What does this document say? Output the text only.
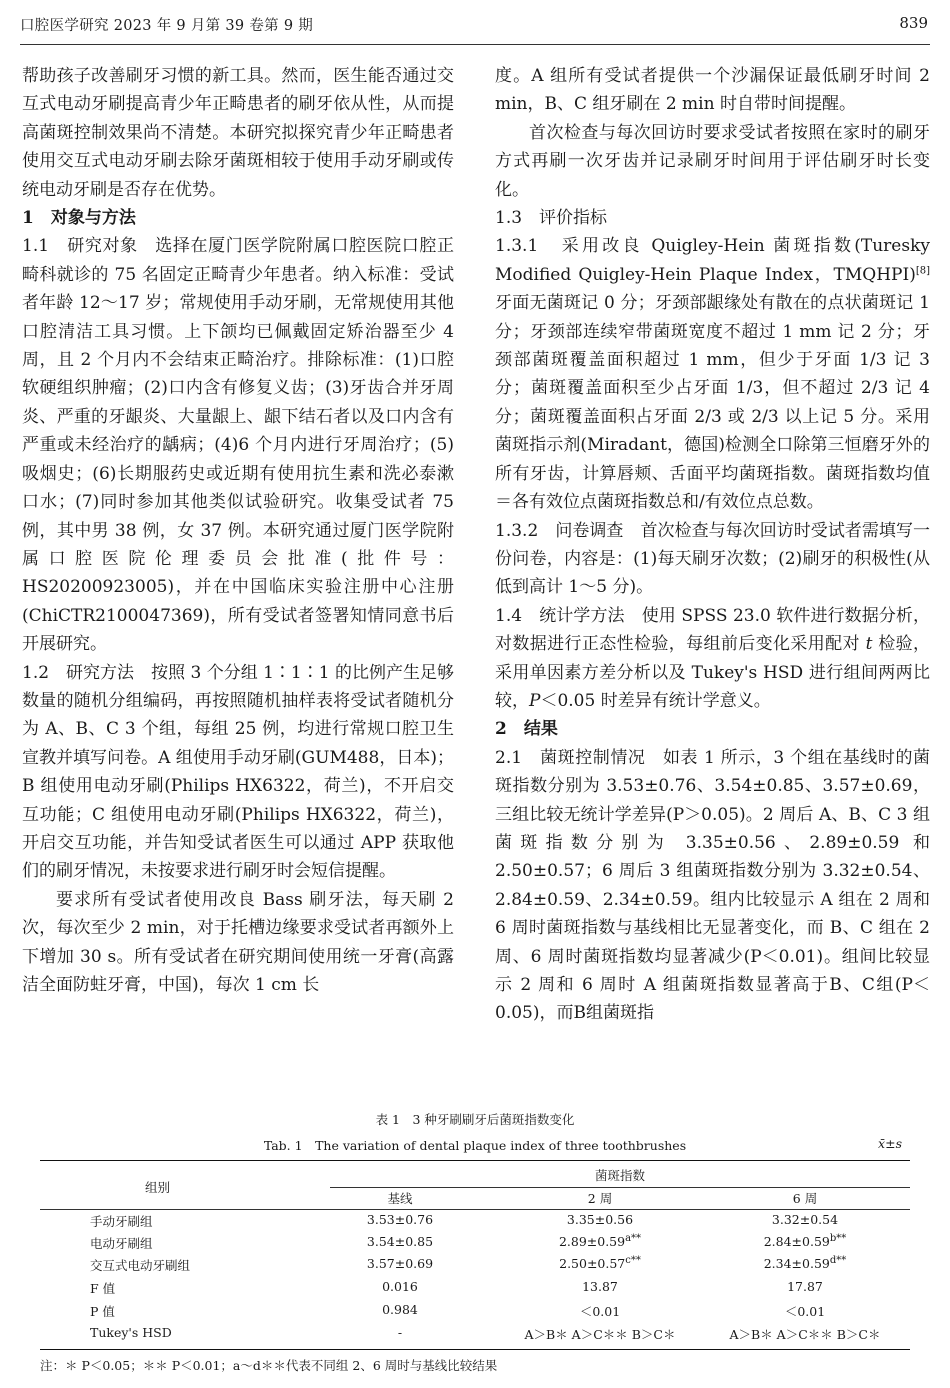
口腔医学研究 2023 年 9 月第 39 卷第 9 期	839

帮助孩子改善刷牙习惯的新工具。然而，医生能否通过交互式电动牙刷提高青少年正畸患者的刷牙依从性，从而提高菌斑控制效果尚不清楚。本研究拟探究青少年正畸患者使用交互式电动牙刷去除牙菌斑相较于使用手动牙刷或传统电动牙刷是否存在优势。

1　对象与方法

1.1　研究对象　选择在厦门医学院附属口腔医院口腔正畸科就诊的 75 名固定正畸青少年患者。纳入标准：受试者年龄 12～17 岁；常规使用手动牙刷，无常规使用其他口腔清洁工具习惯。上下颌均已佩戴固定矫治器至少 4 周，且 2 个月内不会结束正畸治疗。排除标准：(1)口腔软硬组织肿瘤；(2)口内含有修复义齿；(3)牙齿合并牙周炎、严重的牙龈炎、大量龈上、龈下结石者以及口内含有严重或未经治疗的龋病；(4)6 个月内进行牙周治疗；(5)吸烟史；(6)长期服药史或近期有使用抗生素和洗必泰漱口水；(7)同时参加其他类似试验研究。收集受试者 75 例，其中男 38 例，女 37 例。本研究通过厦门医学院附属口腔医院伦理委员会批准(批件号：HS20200923005)，并在中国临床实验注册中心注册(ChiCTR2100047369)，所有受试者签署知情同意书后开展研究。

1.2　研究方法　按照 3 个分组 1∶1∶1 的比例产生足够数量的随机分组编码，再按照随机抽样表将受试者随机分为 A、B、C 3 个组，每组 25 例，均进行常规口腔卫生宣教并填写问卷。A 组使用手动牙刷(GUM488，日本)；B 组使用电动牙刷(Philips HX6322，荷兰)，不开启交互功能；C 组使用电动牙刷(Philips HX6322，荷兰)，开启交互功能，并告知受试者医生可以通过 APP 获取他们的刷牙情况，未按要求进行刷牙时会短信提醒。

要求所有受试者使用改良 Bass 刷牙法，每天刷 2 次，每次至少 2 min，对于托槽边缘要求受试者再额外上下增加 30 s。所有受试者在研究期间使用统一牙膏(高露洁全面防蛀牙膏，中国)，每次 1 cm 长

度。A 组所有受试者提供一个沙漏保证最低刷牙时间 2 min，B、C 组牙刷在 2 min 时自带时间提醒。

首次检查与每次回访时要求受试者按照在家时的刷牙方式再刷一次牙齿并记录刷牙时间用于评估刷牙时长变化。

1.3　评价指标

1.3.1　采用改良 Quigley-Hein 菌斑指数(Turesky Modified Quigley-Hein Plaque Index，TMQHPI)[8]牙面无菌斑记 0 分；牙颈部龈缘处有散在的点状菌斑记 1 分；牙颈部连续窄带菌斑宽度不超过 1 mm 记 2 分；牙颈部菌斑覆盖面积超过 1 mm，但少于牙面 1/3 记 3 分；菌斑覆盖面积至少占牙面 1/3，但不超过 2/3 记 4 分；菌斑覆盖面积占牙面 2/3 或 2/3 以上记 5 分。采用菌斑指示剂(Miradant，德国)检测全口除第三恒磨牙外的所有牙齿，计算唇颊、舌面平均菌斑指数。菌斑指数均值＝各有效位点菌斑指数总和/有效位点总数。

1.3.2　问卷调查　首次检查与每次回访时受试者需填写一份问卷，内容是：(1)每天刷牙次数；(2)刷牙的积极性(从低到高计 1～5 分)。

1.4　统计学方法　使用 SPSS 23.0 软件进行数据分析，对数据进行正态性检验，每组前后变化采用配对 t 检验，采用单因素方差分析以及 Tukey's HSD 进行组间两两比较，P＜0.05 时差异有统计学意义。

2　结果

2.1　菌斑控制情况　如表 1 所示，3 个组在基线时的菌斑指数分别为 3.53±0.76、3.54±0.85、3.57±0.69，三组比较无统计学差异(P＞0.05)。2 周后 A、B、C 3 组菌斑指数分别为 3.35±0.56、2.89±0.59 和 2.50±0.57；6 周后 3 组菌斑指数分别为 3.32±0.54、2.84±0.59、2.34±0.59。组内比较显示 A 组在 2 周和 6 周时菌斑指数与基线相比无显著变化，而 B、C 组在 2 周、6 周时菌斑指数均显著减少(P＜0.01)。组间比较显示 2 周和 6 周时 A 组菌斑指数显著高于B、C组(P＜0.05)，而B组菌斑指

表 1　3 种牙刷刷牙后菌斑指数变化
Tab. 1　The variation of dental plaque index of three toothbrushes	x̄±s
组别
菌斑指数
基线	2 周	6 周
手动牙刷组	3.53±0.76	3.35±0.56	3.32±0.54
电动牙刷组	3.54±0.85	$2.89\pm 0.59^{a**}$	$2.84\pm 0.59^{b**}$
交互式电动牙刷组	3.57±0.69	$2.50\pm 0.57^{c**}$	$2.34\pm 0.59^{d**}$
F 值	0.016	13.87	17.87
P 值	0.984	＜0.01	＜0.01
Tukey's HSD	-	A＞B＊ A＞C＊＊ B＞C＊	A＞B＊ A＞C＊＊ B＞C＊
注：＊ P＜0.05；＊＊ P＜0.01；a～d＊＊代表不同组 2、6 周时与基线比较结果
